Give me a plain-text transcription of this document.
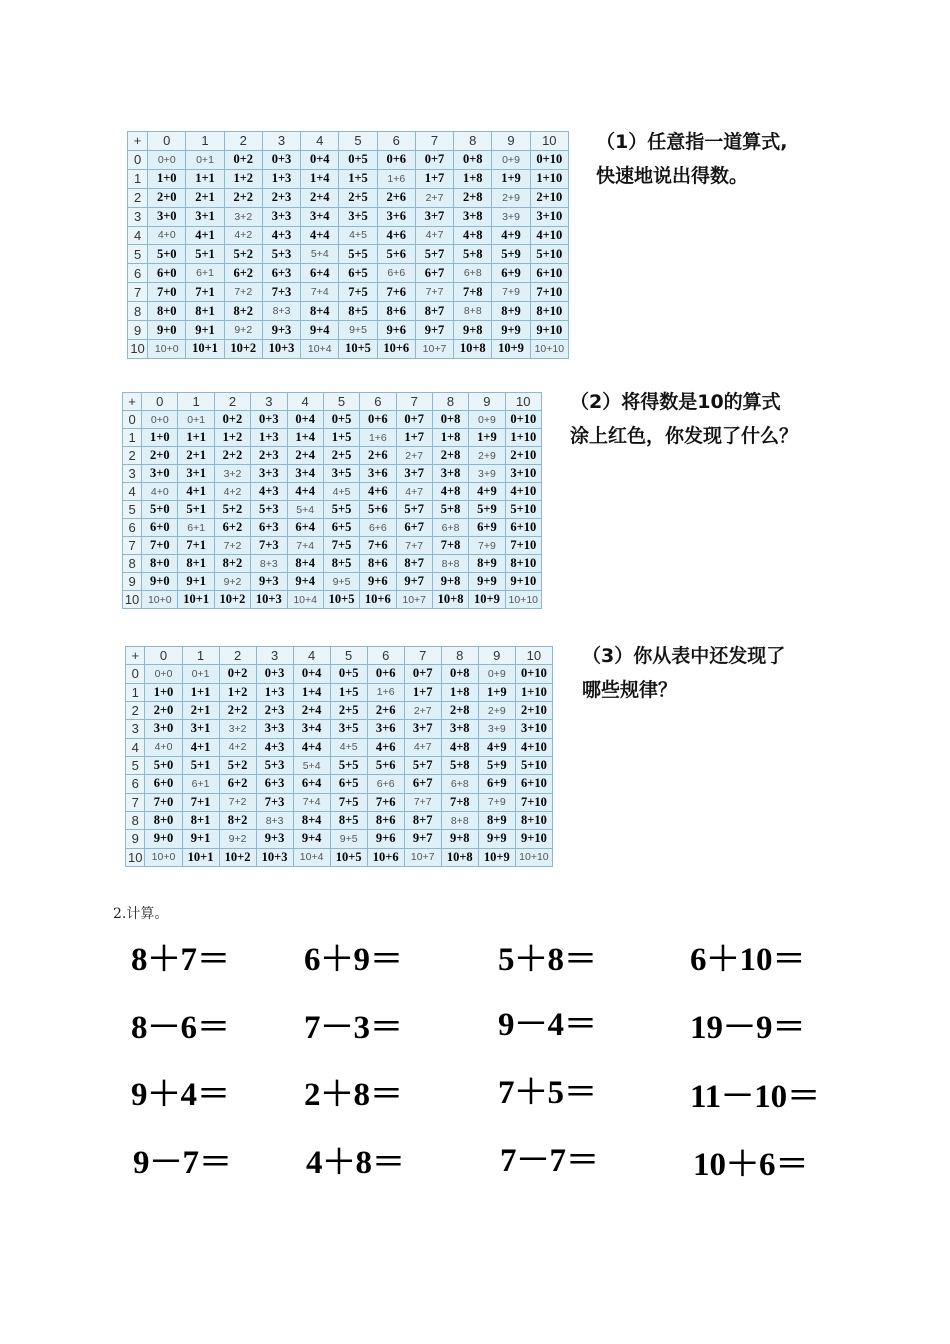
+	0	1	2	3	4	5	6	7	8	9	10
0	0+0	0+1	0+2	0+3	0+4	0+5	0+6	0+7	0+8	0+9	0+10
1	1+0	1+1	1+2	1+3	1+4	1+5	1+6	1+7	1+8	1+9	1+10
2	2+0	2+1	2+2	2+3	2+4	2+5	2+6	2+7	2+8	2+9	2+10
3	3+0	3+1	3+2	3+3	3+4	3+5	3+6	3+7	3+8	3+9	3+10
4	4+0	4+1	4+2	4+3	4+4	4+5	4+6	4+7	4+8	4+9	4+10
5	5+0	5+1	5+2	5+3	5+4	5+5	5+6	5+7	5+8	5+9	5+10
6	6+0	6+1	6+2	6+3	6+4	6+5	6+6	6+7	6+8	6+9	6+10
7	7+0	7+1	7+2	7+3	7+4	7+5	7+6	7+7	7+8	7+9	7+10
8	8+0	8+1	8+2	8+3	8+4	8+5	8+6	8+7	8+8	8+9	8+10
9	9+0	9+1	9+2	9+3	9+4	9+5	9+6	9+7	9+8	9+9	9+10
10	10+0	10+1	10+2	10+3	10+4	10+5	10+6	10+7	10+8	10+9	10+10
（1）任意指一道算式,
快速地说出得数。
+	0	1	2	3	4	5	6	7	8	9	10
0	0+0	0+1	0+2	0+3	0+4	0+5	0+6	0+7	0+8	0+9	0+10
1	1+0	1+1	1+2	1+3	1+4	1+5	1+6	1+7	1+8	1+9	1+10
2	2+0	2+1	2+2	2+3	2+4	2+5	2+6	2+7	2+8	2+9	2+10
3	3+0	3+1	3+2	3+3	3+4	3+5	3+6	3+7	3+8	3+9	3+10
4	4+0	4+1	4+2	4+3	4+4	4+5	4+6	4+7	4+8	4+9	4+10
5	5+0	5+1	5+2	5+3	5+4	5+5	5+6	5+7	5+8	5+9	5+10
6	6+0	6+1	6+2	6+3	6+4	6+5	6+6	6+7	6+8	6+9	6+10
7	7+0	7+1	7+2	7+3	7+4	7+5	7+6	7+7	7+8	7+9	7+10
8	8+0	8+1	8+2	8+3	8+4	8+5	8+6	8+7	8+8	8+9	8+10
9	9+0	9+1	9+2	9+3	9+4	9+5	9+6	9+7	9+8	9+9	9+10
10	10+0	10+1	10+2	10+3	10+4	10+5	10+6	10+7	10+8	10+9	10+10
（2）将得数是10的算式
涂上红色，你发现了什么？
+	0	1	2	3	4	5	6	7	8	9	10
0	0+0	0+1	0+2	0+3	0+4	0+5	0+6	0+7	0+8	0+9	0+10
1	1+0	1+1	1+2	1+3	1+4	1+5	1+6	1+7	1+8	1+9	1+10
2	2+0	2+1	2+2	2+3	2+4	2+5	2+6	2+7	2+8	2+9	2+10
3	3+0	3+1	3+2	3+3	3+4	3+5	3+6	3+7	3+8	3+9	3+10
4	4+0	4+1	4+2	4+3	4+4	4+5	4+6	4+7	4+8	4+9	4+10
5	5+0	5+1	5+2	5+3	5+4	5+5	5+6	5+7	5+8	5+9	5+10
6	6+0	6+1	6+2	6+3	6+4	6+5	6+6	6+7	6+8	6+9	6+10
7	7+0	7+1	7+2	7+3	7+4	7+5	7+6	7+7	7+8	7+9	7+10
8	8+0	8+1	8+2	8+3	8+4	8+5	8+6	8+7	8+8	8+9	8+10
9	9+0	9+1	9+2	9+3	9+4	9+5	9+6	9+7	9+8	9+9	9+10
10	10+0	10+1	10+2	10+3	10+4	10+5	10+6	10+7	10+8	10+9	10+10
（3）你从表中还发现了
哪些规律？
2.计算。
8＋7＝ 6＋9＝	5＋8＝	6＋10＝
8－6＝ 7－3＝	9－4＝	19－9＝
9＋4＝ 2＋8＝	7＋5＝	11－10＝
9－7＝ 4＋8＝	7－7＝	10＋6＝
